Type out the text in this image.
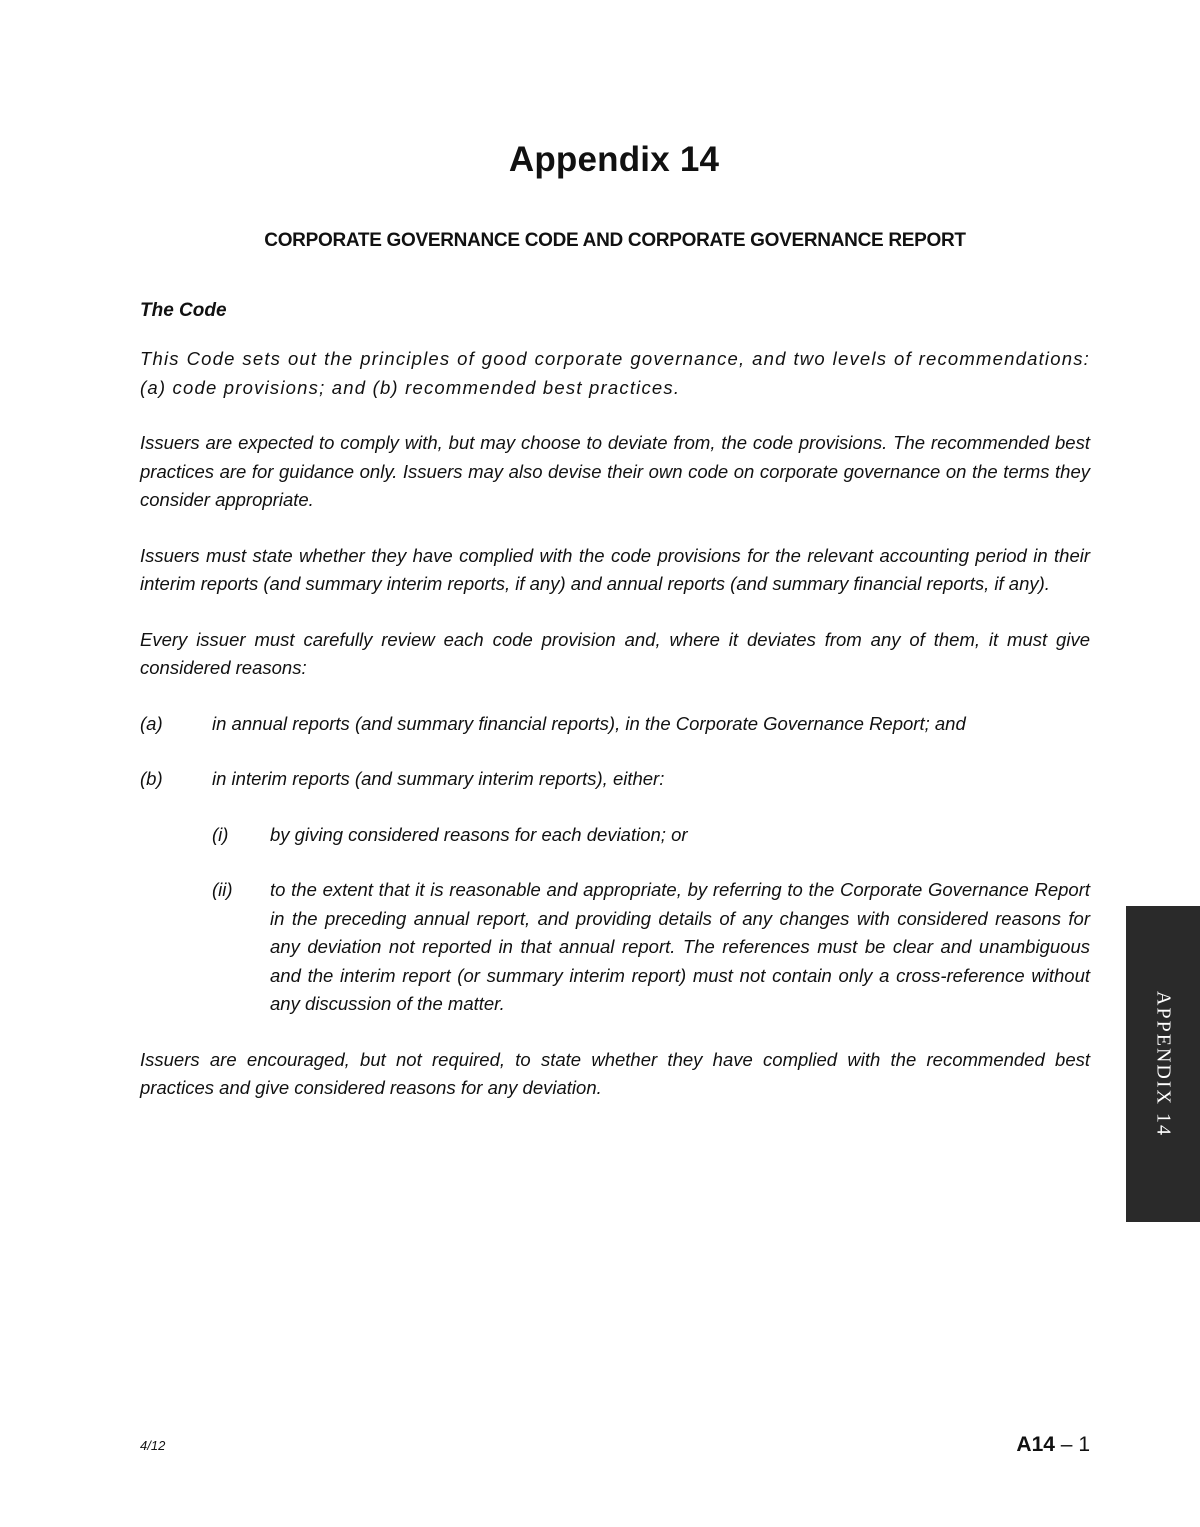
Appendix 14
CORPORATE GOVERNANCE CODE AND CORPORATE GOVERNANCE REPORT
The Code

This Code sets out the principles of good corporate governance, and two levels of recommendations: (a) code provisions; and (b) recommended best practices.

Issuers are expected to comply with, but may choose to deviate from, the code provisions. The recommended best practices are for guidance only. Issuers may also devise their own code on corporate governance on the terms they consider appropriate.

Issuers must state whether they have complied with the code provisions for the relevant accounting period in their interim reports (and summary interim reports, if any) and annual reports (and summary financial reports, if any).

Every issuer must carefully review each code provision and, where it deviates from any of them, it must give considered reasons:

(a)	in annual reports (and summary financial reports), in the Corporate Governance Report; and
(b)	in interim reports (and summary interim reports), either:
(i)	by giving considered reasons for each deviation; or
(ii)	to the extent that it is reasonable and appropriate, by referring to the Corporate Governance Report in the preceding annual report, and providing details of any changes with considered reasons for any deviation not reported in that annual report. The references must be clear and unambiguous and the interim report (or summary interim report) must not contain only a cross-reference without any discussion of the matter.

Issuers are encouraged, but not required, to state whether they have complied with the recommended best practices and give considered reasons for any deviation.	APPENDIX 14
4/12	A14 – 1
